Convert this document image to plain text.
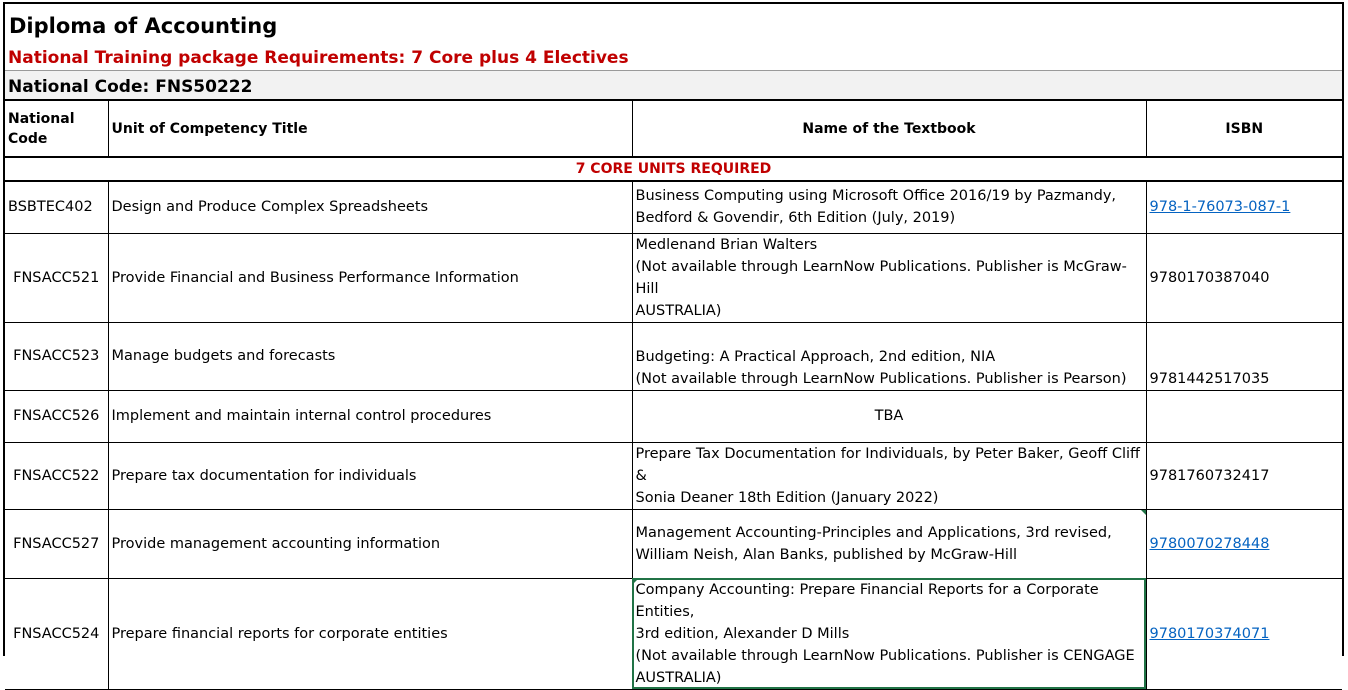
Diploma of Accounting
National Training package Requirements: 7 Core plus 4 Electives
National Code: FNS50222
National Code	Unit of Competency Title	Name of the Textbook	ISBN
7 CORE UNITS REQUIRED			
BSBTEC402	Design and Produce Complex Spreadsheets	Business Computing using Microsoft Office 2016/19 by Pazmandy,
Bedford & Govendir, 6th Edition (July, 2019)	978-1-76073-087-1
FNSACC521	Provide Financial and Business Performance Information	Medlenand Brian Walters
(Not available through LearnNow Publications. Publisher is McGraw-Hill
AUSTRALIA)	9780170387040
FNSACC523	Manage budgets and forecasts	Budgeting: A Practical Approach, 2nd edition, NIA
(Not available through LearnNow Publications. Publisher is Pearson)	9781442517035
FNSACC526	Implement and maintain internal control procedures	TBA	
FNSACC522	Prepare tax documentation for individuals	Prepare Tax Documentation for Individuals, by Peter Baker, Geoff Cliff &
Sonia Deaner 18th Edition (January 2022)	9781760732417
FNSACC527	Provide management accounting information	Management Accounting-Principles and Applications, 3rd revised,
William Neish, Alan Banks, published by McGraw-Hill	9780070278448
FNSACC524	Prepare financial reports for corporate entities	Company Accounting: Prepare Financial Reports for a Corporate Entities,
3rd edition, Alexander D Mills
(Not available through LearnNow Publications. Publisher is CENGAGE
AUSTRALIA)	9780170374071
